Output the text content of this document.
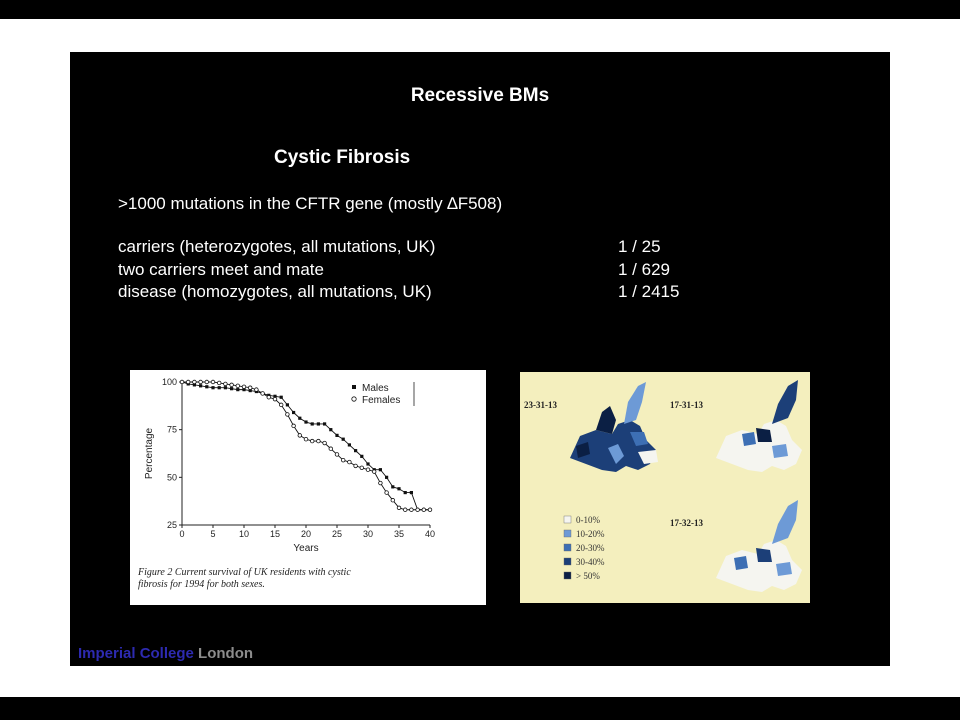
Recessive BMs
Cystic Fibrosis
>1000 mutations in the CFTR gene (mostly ∆F508)
carriers (heterozygotes, all mutations, UK)	1 / 25
two carriers meet and mate	1 / 629
disease (homozygotes, all mutations, UK)	1 / 2415
0	5	10 15 20 25 30 35 40
25
50
75
100
Years
Percentage
Males
Females
Figure 2 Current survival of UK residents with cystic
fibrosis for 1994 for both sexes.
23-31-13	17-31-13
17-32-13
0-10%
10-20%
20-30%
30-40%
> 50%
Imperial College London
